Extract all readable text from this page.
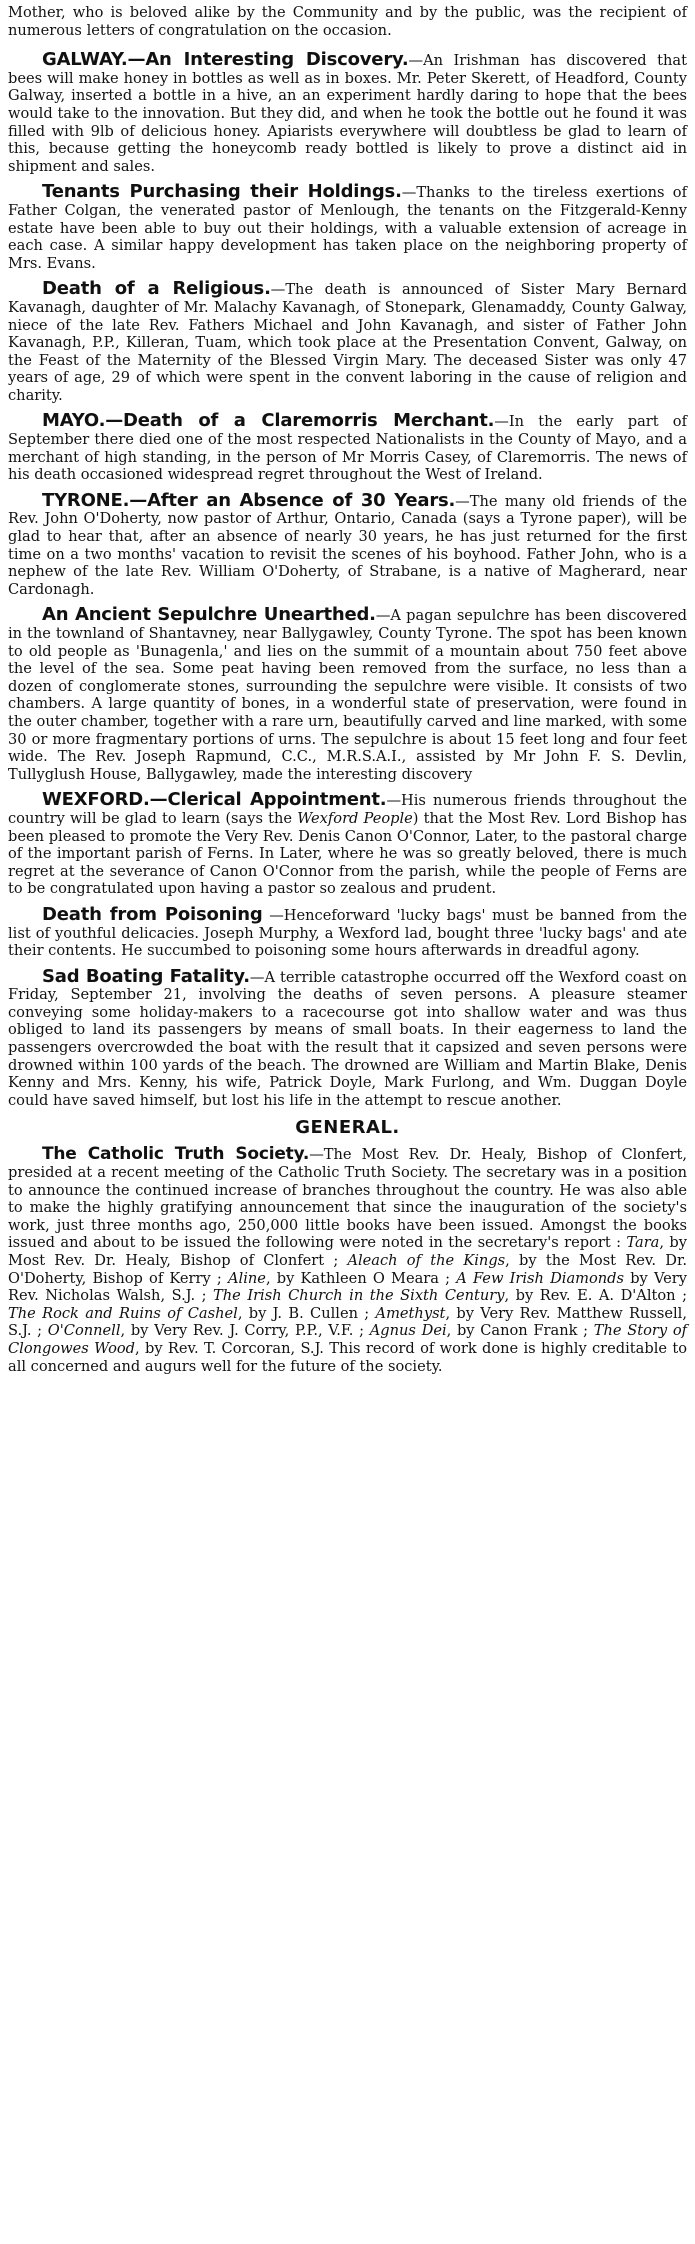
Mother, who is beloved alike by the Community and by the public, was the recipient of numerous letters of congratulation on the occasion.

GALWAY.—An Interesting Discovery.—An Irishman has discovered that bees will make honey in bottles as well as in boxes. Mr. Peter Skerett, of Headford, County Galway, inserted a bottle in a hive, an an experiment hardly daring to hope that the bees would take to the innovation. But they did, and when he took the bottle out he found it was filled with 9lb of delicious honey. Apiarists everywhere will doubtless be glad to learn of this, because getting the honeycomb ready bottled is likely to prove a distinct aid in shipment and sales.

Tenants Purchasing their Holdings.—Thanks to the tireless exertions of Father Colgan, the venerated pastor of Menlough, the tenants on the Fitzgerald-Kenny estate have been able to buy out their holdings, with a valuable extension of acreage in each case. A similar happy development has taken place on the neighboring property of Mrs. Evans.

Death of a Religious.—The death is announced of Sister Mary Bernard Kavanagh, daughter of Mr. Malachy Kavanagh, of Stonepark, Glenamaddy, County Galway, niece of the late Rev. Fathers Michael and John Kavanagh, and sister of Father John Kavanagh, P.P., Killeran, Tuam, which took place at the Presentation Convent, Galway, on the Feast of the Maternity of the Blessed Virgin Mary. The deceased Sister was only 47 years of age, 29 of which were spent in the convent laboring in the cause of religion and charity.

MAYO.—Death of a Claremorris Merchant.—In the early part of September there died one of the most respected Nationalists in the County of Mayo, and a merchant of high standing, in the person of Mr Morris Casey, of Claremorris. The news of his death occasioned widespread regret throughout the West of Ireland.

TYRONE.—After an Absence of 30 Years.—The many old friends of the Rev. John O'Doherty, now pastor of Arthur, Ontario, Canada (says a Tyrone paper), will be glad to hear that, after an absence of nearly 30 years, he has just returned for the first time on a two months' vacation to revisit the scenes of his boyhood. Father John, who is a nephew of the late Rev. William O'Doherty, of Strabane, is a native of Magherard, near Cardonagh.

An Ancient Sepulchre Unearthed.—A pagan sepulchre has been discovered in the townland of Shantavney, near Ballygawley, County Tyrone. The spot has been known to old people as 'Bunagenla,' and lies on the summit of a mountain about 750 feet above the level of the sea. Some peat having been removed from the surface, no less than a dozen of conglomerate stones, surrounding the sepulchre were visible. It consists of two chambers. A large quantity of bones, in a wonderful state of preservation, were found in the outer chamber, together with a rare urn, beautifully carved and line marked, with some 30 or more fragmentary portions of urns. The sepulchre is about 15 feet long and four feet wide. The Rev. Joseph Rapmund, C.C., M.R.S.A.I., assisted by Mr John F. S. Devlin, Tullyglush House, Ballygawley, made the interesting discovery

WEXFORD.—Clerical Appointment.—His numerous friends throughout the country will be glad to learn (says the Wexford People) that the Most Rev. Lord Bishop has been pleased to promote the Very Rev. Denis Canon O'Connor, Later, to the pastoral charge of the important parish of Ferns. In Later, where he was so greatly beloved, there is much regret at the severance of Canon O'Connor from the parish, while the people of Ferns are to be congratulated upon having a pastor so zealous and prudent.

Death from Poisoning —Henceforward 'lucky bags' must be banned from the list of youthful delicacies. Joseph Murphy, a Wexford lad, bought three 'lucky bags' and ate their contents. He succumbed to poisoning some hours afterwards in dreadful agony.

Sad Boating Fatality.—A terrible catastrophe occurred off the Wexford coast on Friday, September 21, involving the deaths of seven persons. A pleasure steamer conveying some holiday-makers to a racecourse got into shallow water and was thus obliged to land its passengers by means of small boats. In their eagerness to land the passengers overcrowded the boat with the result that it capsized and seven persons were drowned within 100 yards of the beach. The drowned are William and Martin Blake, Denis Kenny and Mrs. Kenny, his wife, Patrick Doyle, Mark Furlong, and Wm. Duggan Doyle could have saved himself, but lost his life in the attempt to rescue another.

GENERAL.

The Catholic Truth Society.—The Most Rev. Dr. Healy, Bishop of Clonfert, presided at a recent meeting of the Catholic Truth Society. The secretary was in a position to announce the continued increase of branches throughout the country. He was also able to make the highly gratifying announcement that since the inauguration of the society's work, just three months ago, 250,000 little books have been issued. Amongst the books issued and about to be issued the following were noted in the secretary's report : Tara, by Most Rev. Dr. Healy, Bishop of Clonfert ; Aleach of the Kings, by the Most Rev. Dr. O'Doherty, Bishop of Kerry ; Aline, by Kathleen O Meara ; A Few Irish Diamonds by Very Rev. Nicholas Walsh, S.J. ; The Irish Church in the Sixth Century, by Rev. E. A. D'Alton ; The Rock and Ruins of Cashel, by J. B. Cullen ; Amethyst, by Very Rev. Matthew Russell, S.J. ; O'Connell, by Very Rev. J. Corry, P.P., V.F. ; Agnus Dei, by Canon Frank ; The Story of Clongowes Wood, by Rev. T. Corcoran, S.J. This record of work done is highly creditable to all concerned and augurs well for the future of the society.
